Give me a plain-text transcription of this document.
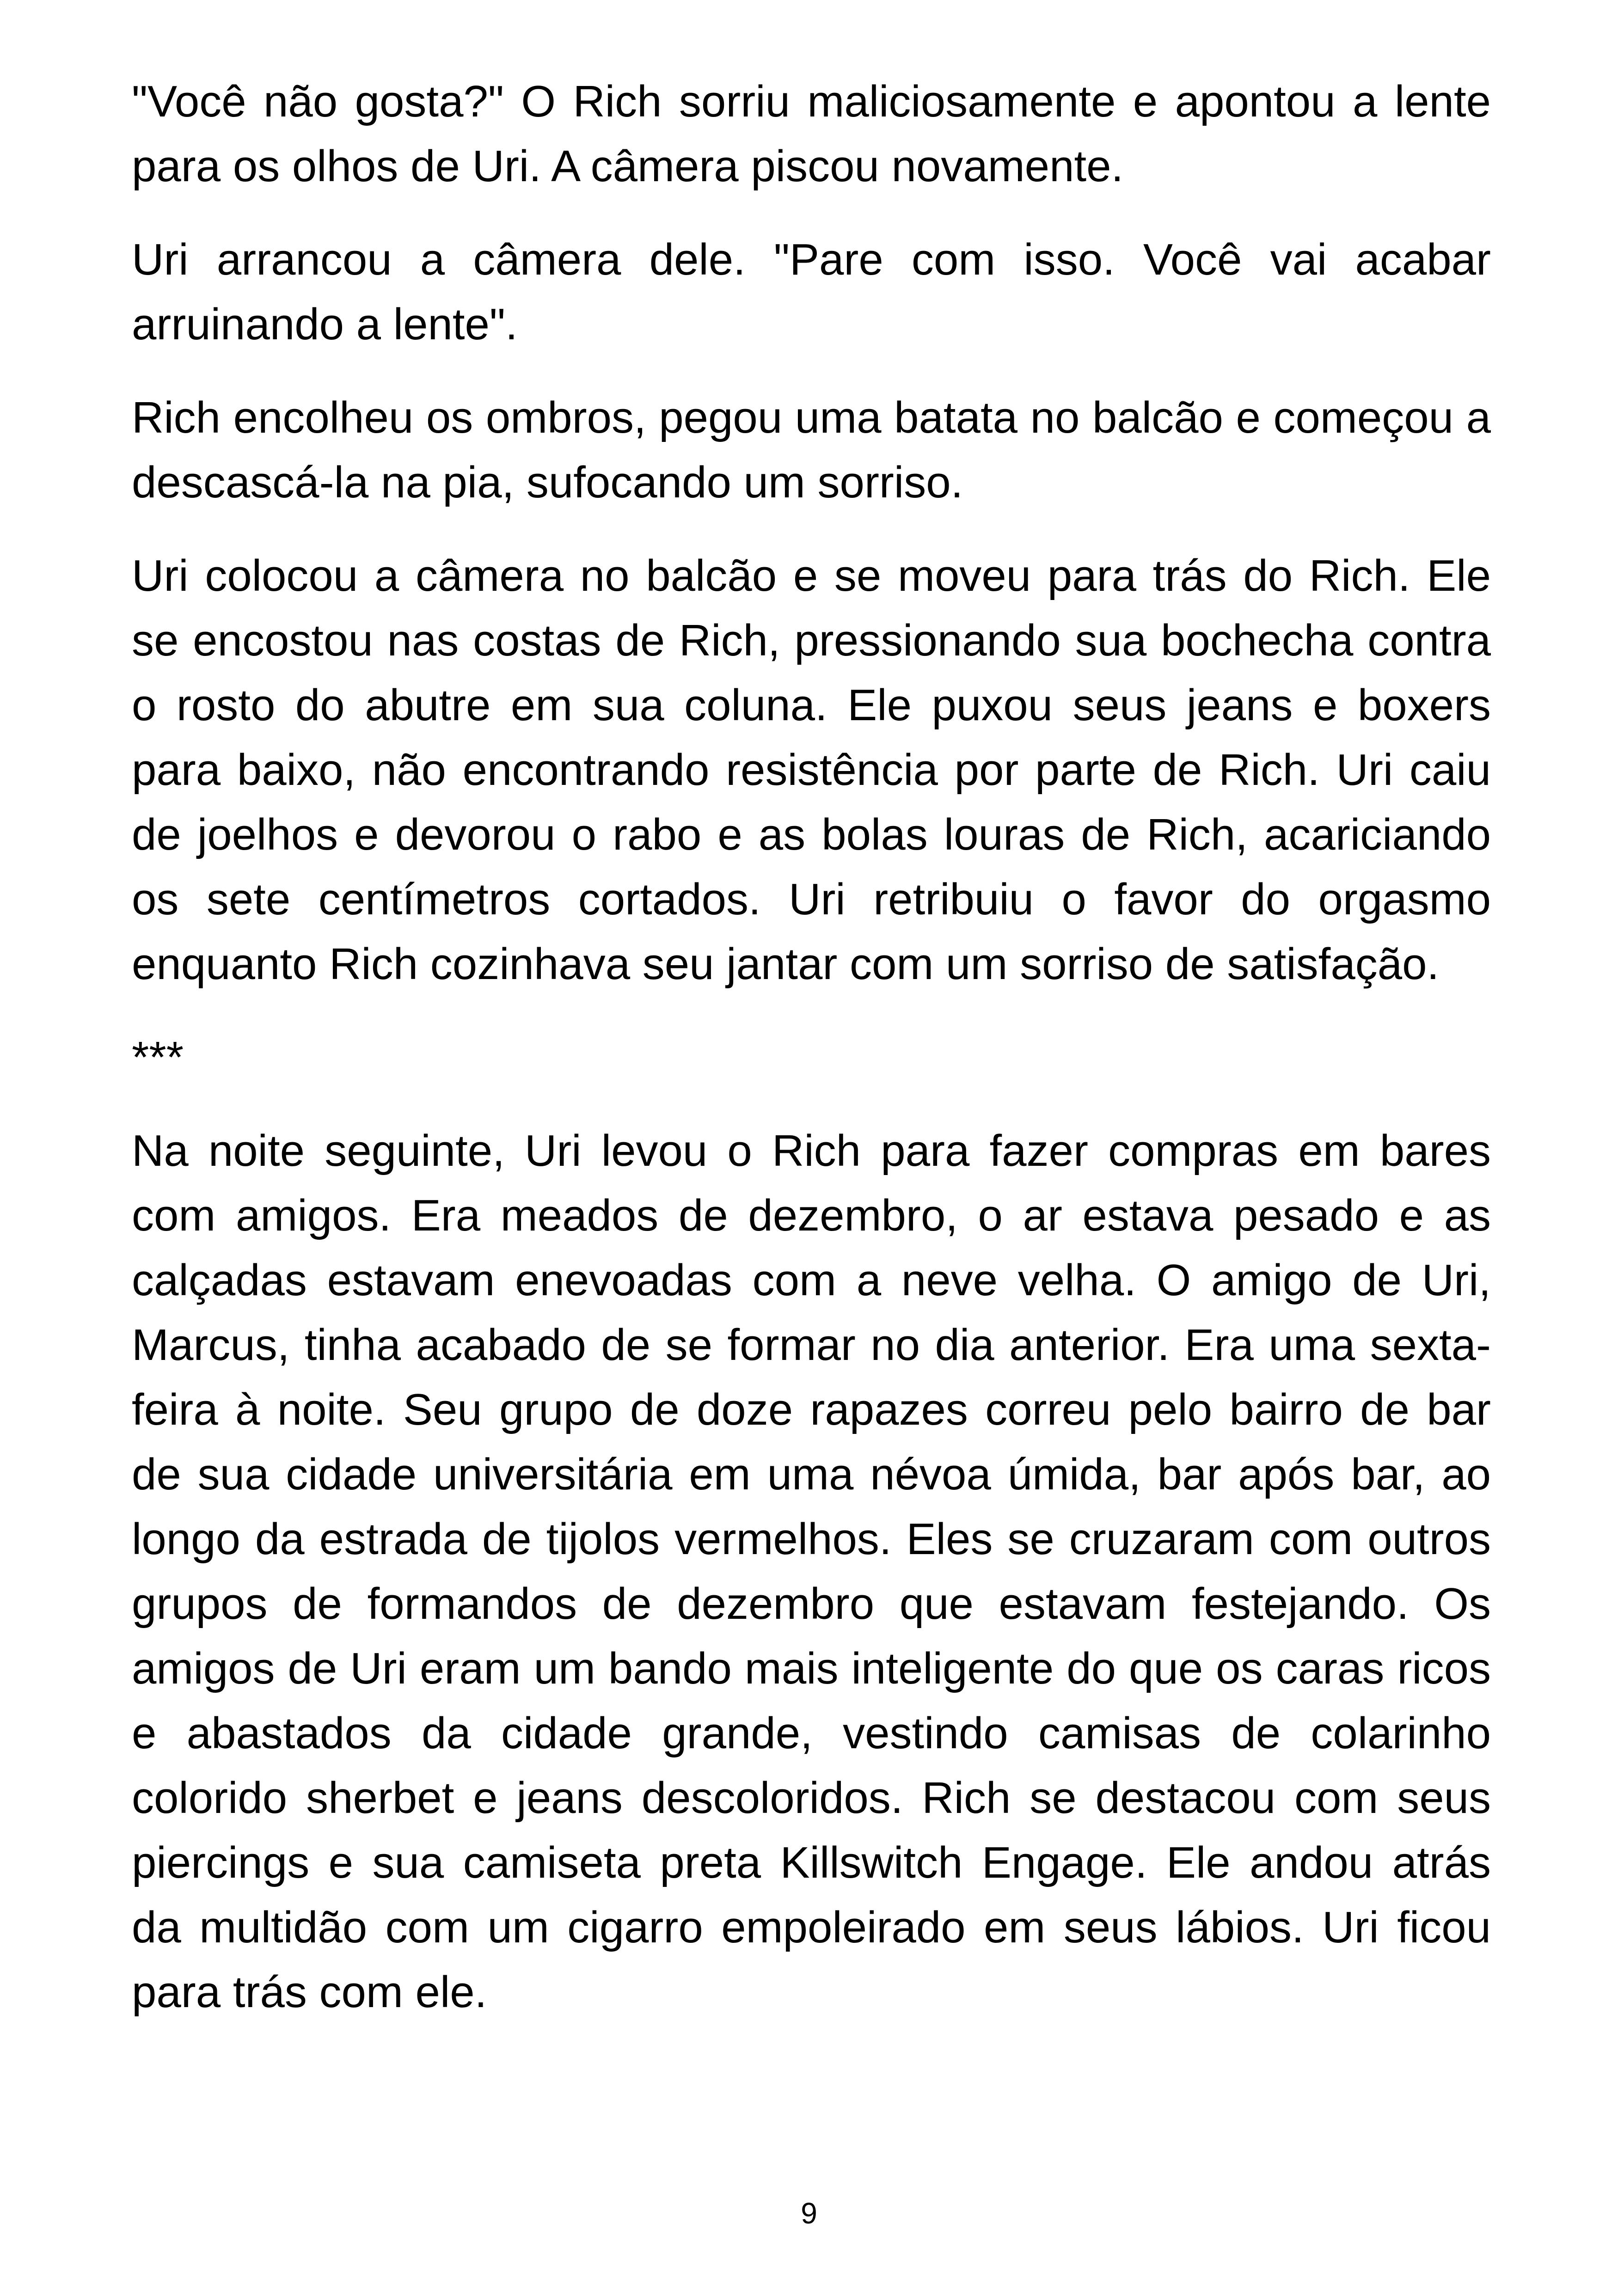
"Você não gosta?" O Rich sorriu maliciosamente e apontou a lente para os olhos de Uri. A câmera piscou novamente.

Uri arrancou a câmera dele. "Pare com isso. Você vai acabar arruinando a lente".

Rich encolheu os ombros, pegou uma batata no balcão e começou a descascá-la na pia, sufocando um sorriso.

Uri colocou a câmera no balcão e se moveu para trás do Rich. Ele se encostou nas costas de Rich, pressionando sua bochecha contra o rosto do abutre em sua coluna. Ele puxou seus jeans e boxers para baixo, não encontrando resistência por parte de Rich. Uri caiu de joelhos e devorou o rabo e as bolas louras de Rich, acariciando os sete centímetros cortados. Uri retribuiu o favor do orgasmo enquanto Rich cozinhava seu jantar com um sorriso de satisfação.

***

Na noite seguinte, Uri levou o Rich para fazer compras em bares com amigos. Era meados de dezembro, o ar estava pesado e as calçadas estavam enevoadas com a neve velha. O amigo de Uri, Marcus, tinha acabado de se formar no dia anterior. Era uma sexta-feira à noite. Seu grupo de doze rapazes correu pelo bairro de bar de sua cidade universitária em uma névoa úmida, bar após bar, ao longo da estrada de tijolos vermelhos. Eles se cruzaram com outros grupos de formandos de dezembro que estavam festejando. Os amigos de Uri eram um bando mais inteligente do que os caras ricos e abastados da cidade grande, vestindo camisas de colarinho colorido sherbet e jeans descoloridos. Rich se destacou com seus piercings e sua camiseta preta Killswitch Engage. Ele andou atrás da multidão com um cigarro empoleirado em seus lábios. Uri ficou para trás com ele.

9
